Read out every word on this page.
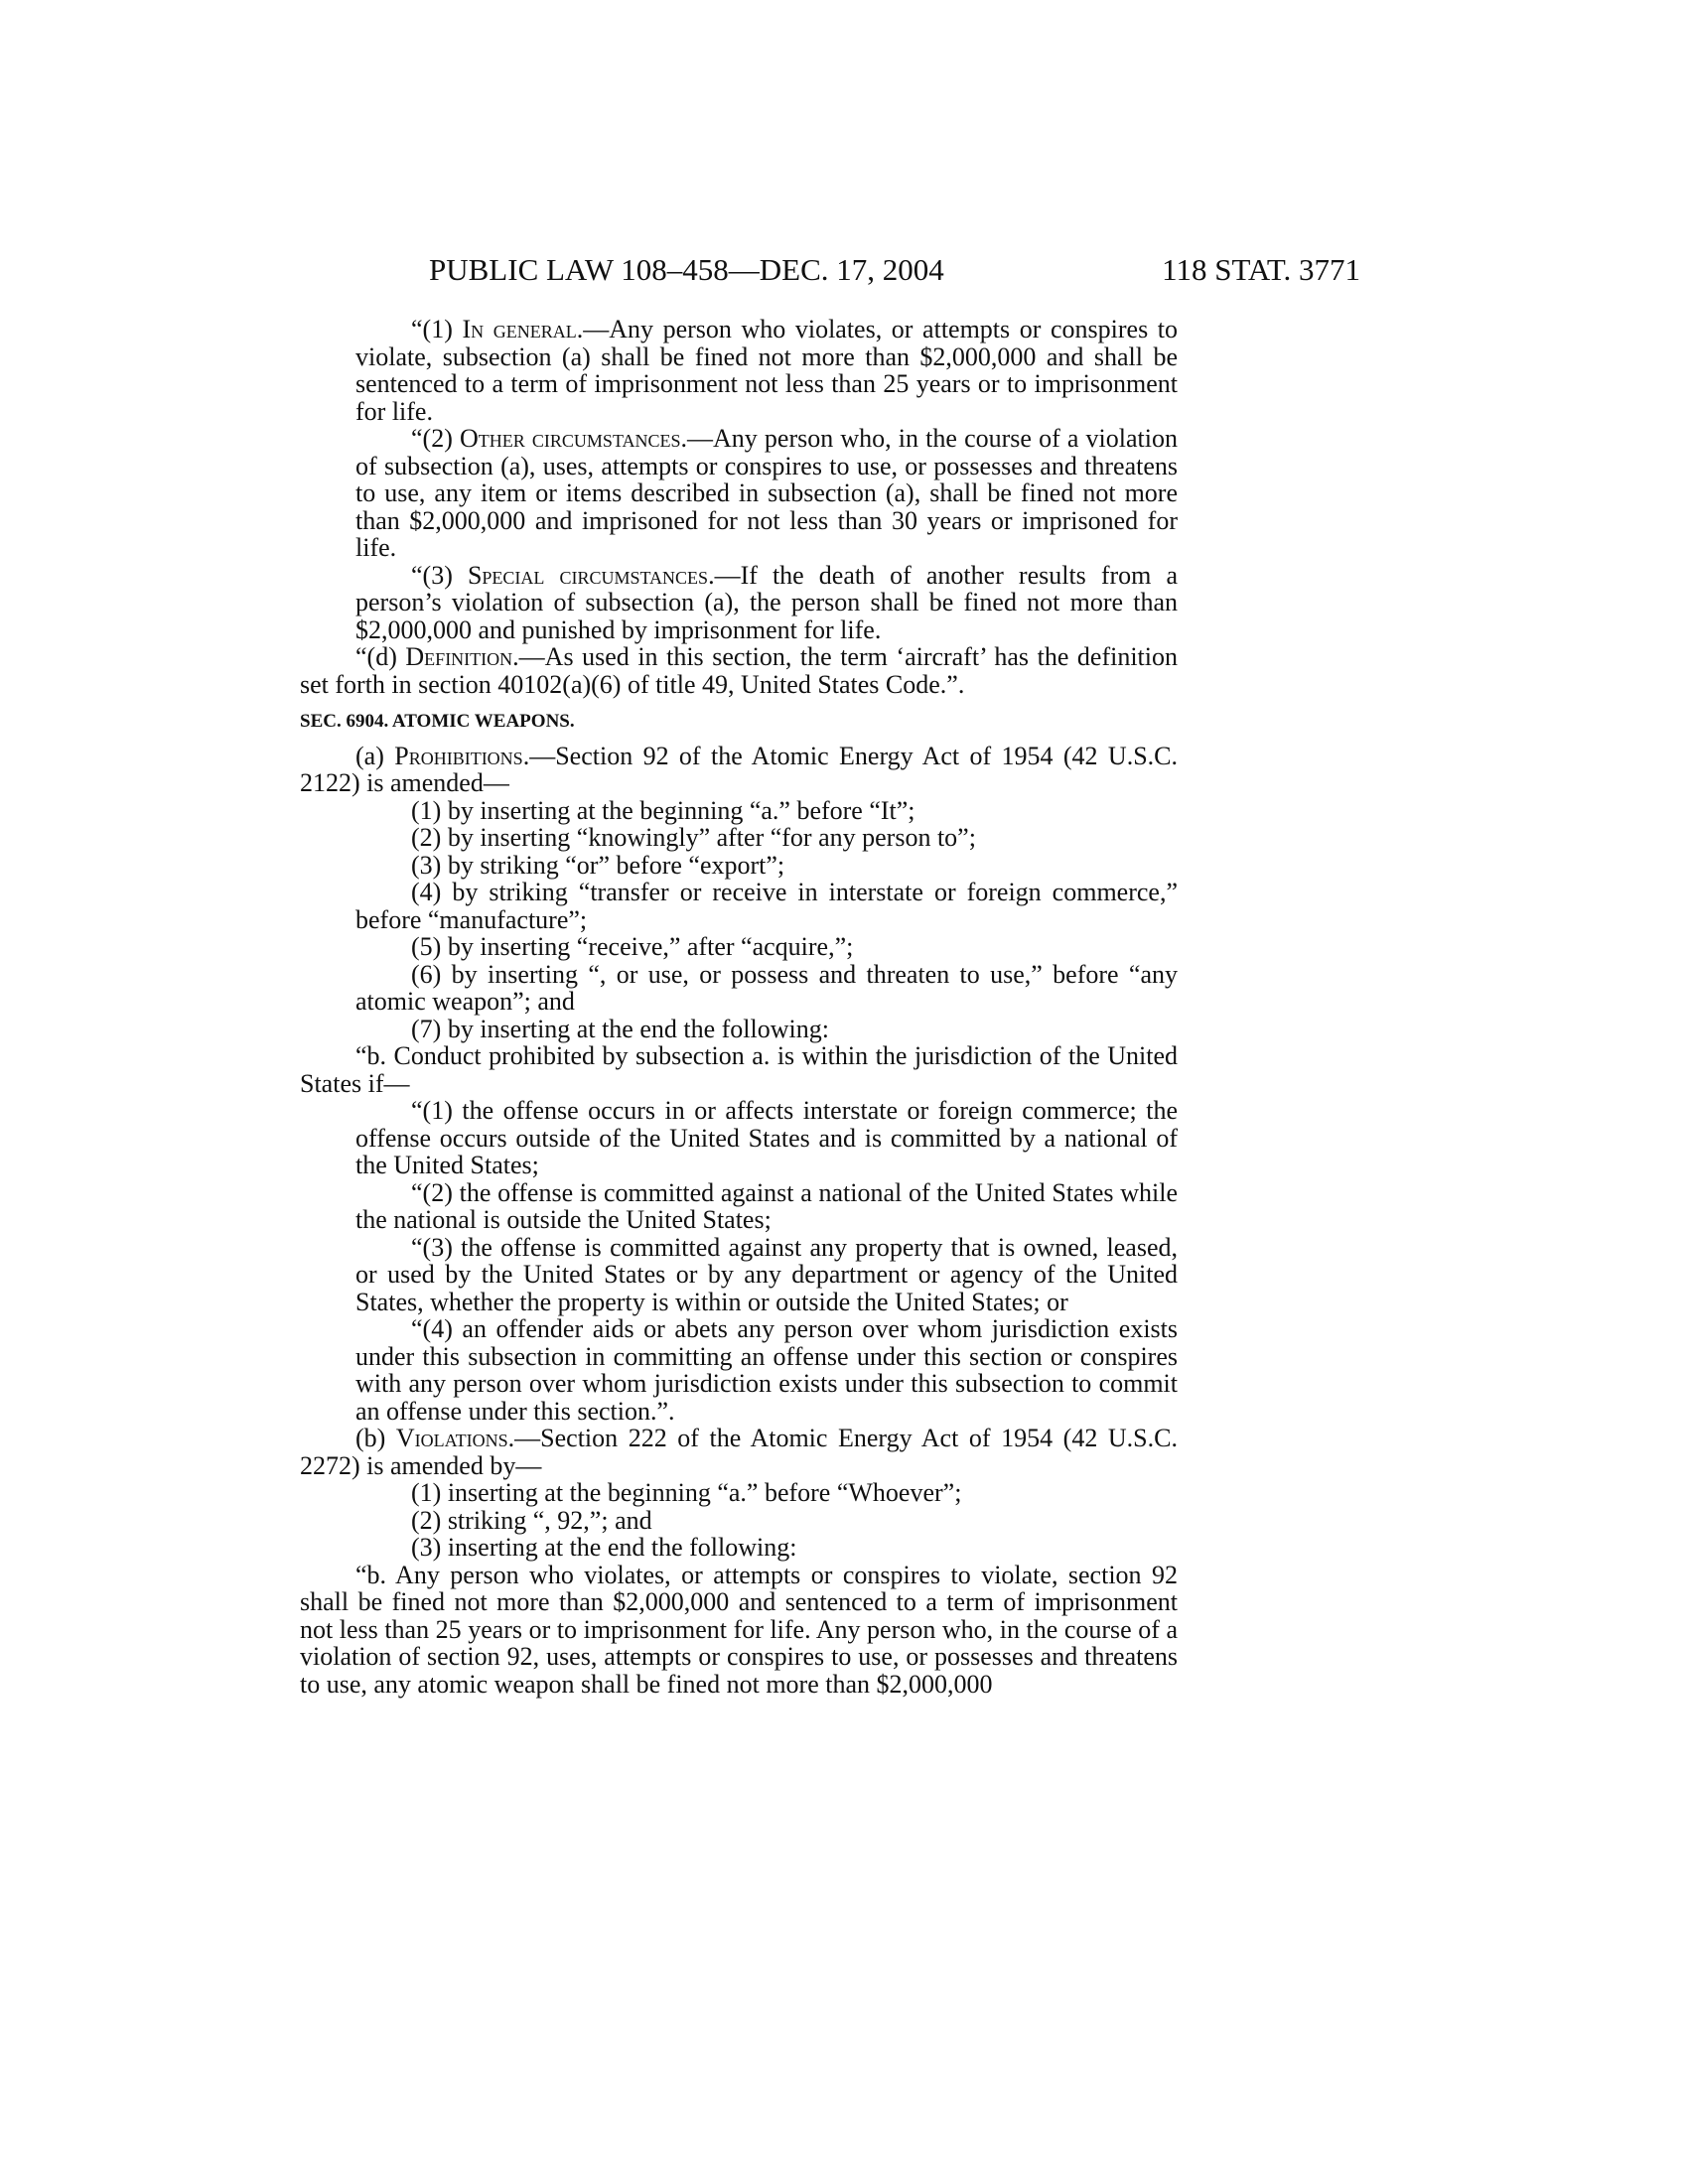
PUBLIC LAW 108–458—DEC. 17, 2004	118 STAT. 3771

“(1) In general.—Any person who violates, or attempts or conspires to violate, subsection (a) shall be fined not more than $2,000,000 and shall be sentenced to a term of imprisonment not less than 25 years or to imprisonment for life.

“(2) Other circumstances.—Any person who, in the course of a violation of subsection (a), uses, attempts or conspires to use, or possesses and threatens to use, any item or items described in subsection (a), shall be fined not more than $2,000,000 and imprisoned for not less than 30 years or imprisoned for life.

“(3) Special circumstances.—If the death of another results from a person’s violation of subsection (a), the person shall be fined not more than $2,000,000 and punished by imprisonment for life.

“(d) Definition.—As used in this section, the term ‘aircraft’ has the definition set forth in section 40102(a)(6) of title 49, United States Code.”.

SEC. 6904. ATOMIC WEAPONS.

(a) Prohibitions.—Section 92 of the Atomic Energy Act of 1954 (42 U.S.C. 2122) is amended—

(1) by inserting at the beginning “a.” before “It”;

(2) by inserting “knowingly” after “for any person to”;

(3) by striking “or” before “export”;

(4) by striking “transfer or receive in interstate or foreign commerce,” before “manufacture”;

(5) by inserting “receive,” after “acquire,”;

(6) by inserting “, or use, or possess and threaten to use,” before “any atomic weapon”; and

(7) by inserting at the end the following:

“b. Conduct prohibited by subsection a. is within the jurisdiction of the United States if—

“(1) the offense occurs in or affects interstate or foreign commerce; the offense occurs outside of the United States and is committed by a national of the United States;

“(2) the offense is committed against a national of the United States while the national is outside the United States;

“(3) the offense is committed against any property that is owned, leased, or used by the United States or by any department or agency of the United States, whether the property is within or outside the United States; or

“(4) an offender aids or abets any person over whom jurisdiction exists under this subsection in committing an offense under this section or conspires with any person over whom jurisdiction exists under this subsection to commit an offense under this section.”.

(b) Violations.—Section 222 of the Atomic Energy Act of 1954 (42 U.S.C. 2272) is amended by—

(1) inserting at the beginning “a.” before “Whoever”;

(2) striking “, 92,”; and

(3) inserting at the end the following:

“b. Any person who violates, or attempts or conspires to violate, section 92 shall be fined not more than $2,000,000 and sentenced to a term of imprisonment not less than 25 years or to imprisonment for life. Any person who, in the course of a violation of section 92, uses, attempts or conspires to use, or possesses and threatens to use, any atomic weapon shall be fined not more than $2,000,000
